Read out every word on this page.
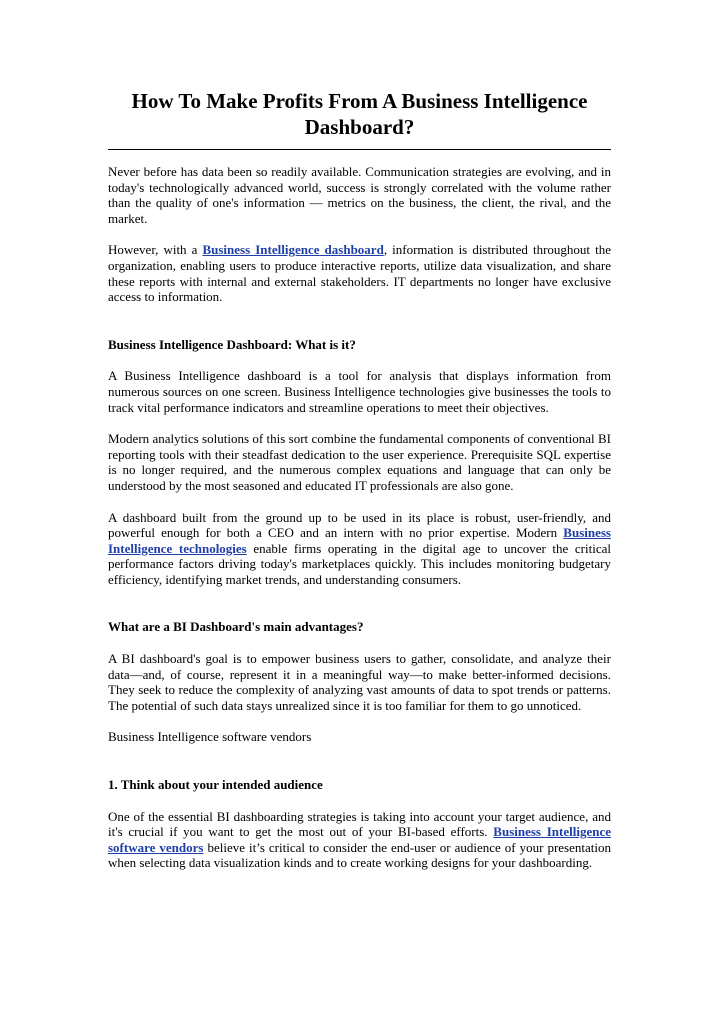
How To Make Profits From A Business Intelligence Dashboard?

Never before has data been so readily available. Communication strategies are evolving, and in today's technologically advanced world, success is strongly correlated with the volume rather than the quality of one's information — metrics on the business, the client, the rival, and the market.

However, with a Business Intelligence dashboard, information is distributed throughout the organization, enabling users to produce interactive reports, utilize data visualization, and share these reports with internal and external stakeholders. IT departments no longer have exclusive access to information.

Business Intelligence Dashboard: What is it?

A Business Intelligence dashboard is a tool for analysis that displays information from numerous sources on one screen. Business Intelligence technologies give businesses the tools to track vital performance indicators and streamline operations to meet their objectives.

Modern analytics solutions of this sort combine the fundamental components of conventional BI reporting tools with their steadfast dedication to the user experience. Prerequisite SQL expertise is no longer required, and the numerous complex equations and language that can only be understood by the most seasoned and educated IT professionals are also gone.

A dashboard built from the ground up to be used in its place is robust, user-friendly, and powerful enough for both a CEO and an intern with no prior expertise. Modern Business Intelligence technologies enable firms operating in the digital age to uncover the critical performance factors driving today's marketplaces quickly. This includes monitoring budgetary efficiency, identifying market trends, and understanding consumers.

What are a BI Dashboard's main advantages?

A BI dashboard's goal is to empower business users to gather, consolidate, and analyze their data—and, of course, represent it in a meaningful way—to make better-informed decisions. They seek to reduce the complexity of analyzing vast amounts of data to spot trends or patterns. The potential of such data stays unrealized since it is too familiar for them to go unnoticed.

Business Intelligence software vendors

1. Think about your intended audience

One of the essential BI dashboarding strategies is taking into account your target audience, and it's crucial if you want to get the most out of your BI-based efforts. Business Intelligence software vendors believe it’s critical to consider the end-user or audience of your presentation when selecting data visualization kinds and to create working designs for your dashboarding.
